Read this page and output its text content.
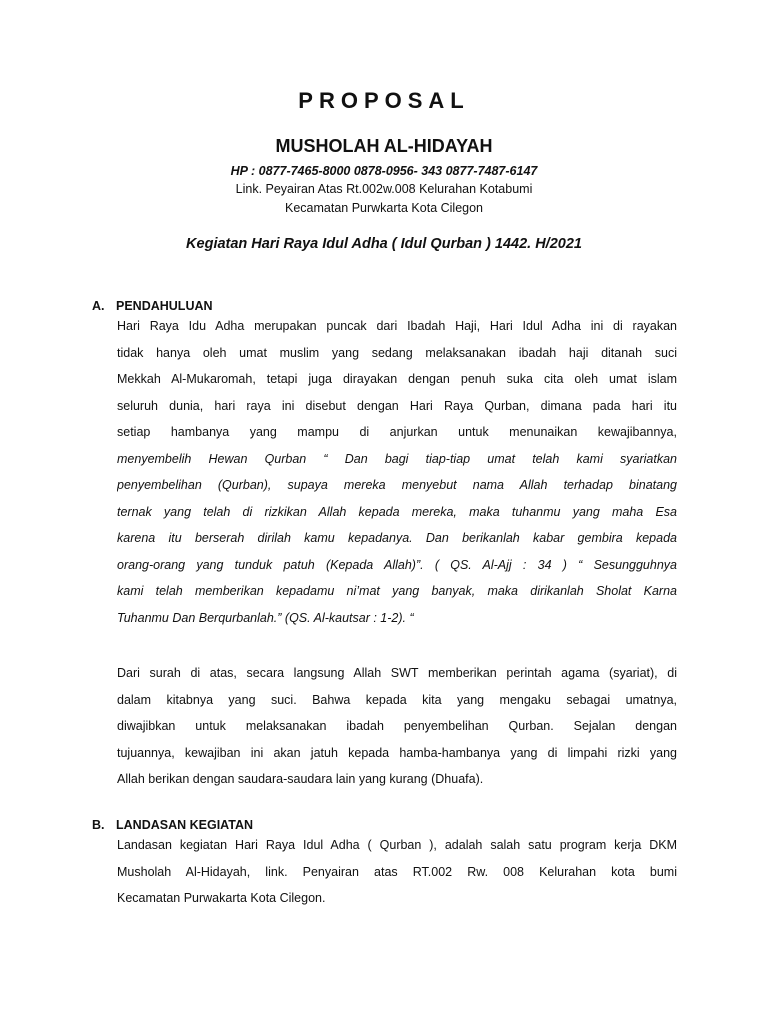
PROPOSAL
MUSHOLAH AL-HIDAYAH
HP : 0877-7465-8000 0878-0956- 343 0877-7487-6147
Link. Peyairan Atas Rt.002w.008 Kelurahan Kotabumi
Kecamatan Purwkarta Kota Cilegon
Kegiatan Hari Raya Idul Adha ( Idul Qurban ) 1442. H/2021
A. PENDAHULUAN
Hari Raya Idu Adha merupakan puncak dari Ibadah Haji, Hari Idul Adha ini di rayakan
tidak hanya oleh umat muslim yang sedang melaksanakan ibadah haji ditanah suci
Mekkah Al-Mukaromah, tetapi juga dirayakan dengan penuh suka cita oleh umat islam
seluruh dunia, hari raya ini disebut dengan Hari Raya Qurban, dimana pada hari itu
setiap hambanya yang mampu di anjurkan untuk menunaikan kewajibannya,
menyembelih Hewan Qurban “ Dan bagi tiap-tiap umat telah kami syariatkan
penyembelihan (Qurban), supaya mereka menyebut nama Allah terhadap binatang
ternak yang telah di rizkikan Allah kepada mereka, maka tuhanmu yang maha Esa
karena itu berserah dirilah kamu kepadanya. Dan berikanlah kabar gembira kepada
orang-orang yang tunduk patuh (Kepada Allah)”. ( QS. Al-Ajj : 34 ) “ Sesungguhnya
kami telah memberikan kepadamu ni’mat yang banyak, maka dirikanlah Sholat Karna
Tuhanmu Dan Berqurbanlah.” (QS. Al-kautsar : 1-2). “
Dari surah di atas, secara langsung Allah SWT memberikan perintah agama (syariat), di
dalam kitabnya yang suci. Bahwa kepada kita yang mengaku sebagai umatnya,
diwajibkan untuk melaksanakan ibadah penyembelihan Qurban. Sejalan dengan
tujuannya, kewajiban ini akan jatuh kepada hamba-hambanya yang di limpahi rizki yang
Allah berikan dengan saudara-saudara lain yang kurang (Dhuafa).
B. LANDASAN KEGIATAN
Landasan kegiatan Hari Raya Idul Adha ( Qurban ), adalah salah satu program kerja DKM
Musholah Al-Hidayah, link. Penyairan atas RT.002 Rw. 008 Kelurahan kota bumi
Kecamatan Purwakarta Kota Cilegon.
